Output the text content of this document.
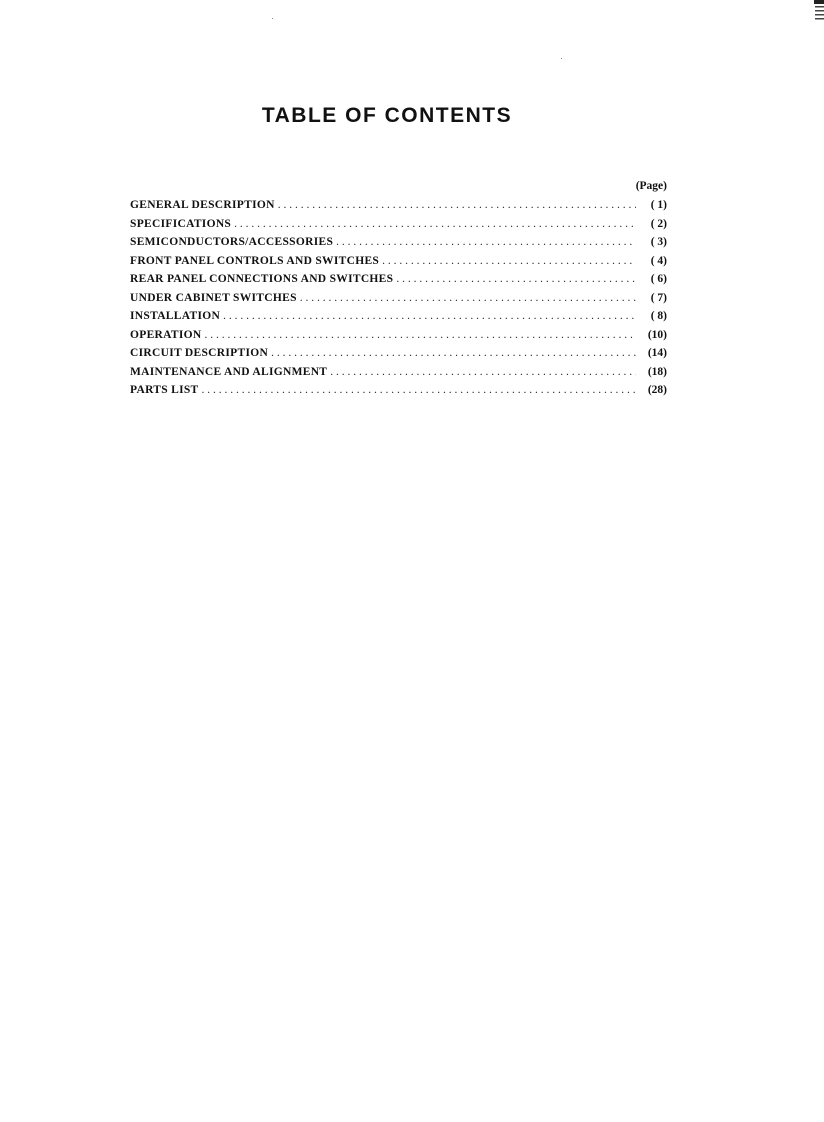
TABLE OF CONTENTS
(Page)
GENERAL DESCRIPTION . . .	( 1)
SPECIFICATIONS . . .	( 2)
SEMICONDUCTORS/ACCESSORIES . . .	( 3)
FRONT PANEL CONTROLS AND SWITCHES . . .	( 4)
REAR PANEL CONNECTIONS AND SWITCHES . . .	( 6)
UNDER CABINET SWITCHES . . .	( 7)
INSTALLATION . . .	( 8)
OPERATION . . .	(10)
CIRCUIT DESCRIPTION . . .	(14)
MAINTENANCE AND ALIGNMENT . . .	(18)
PARTS LIST . . .	(28)
